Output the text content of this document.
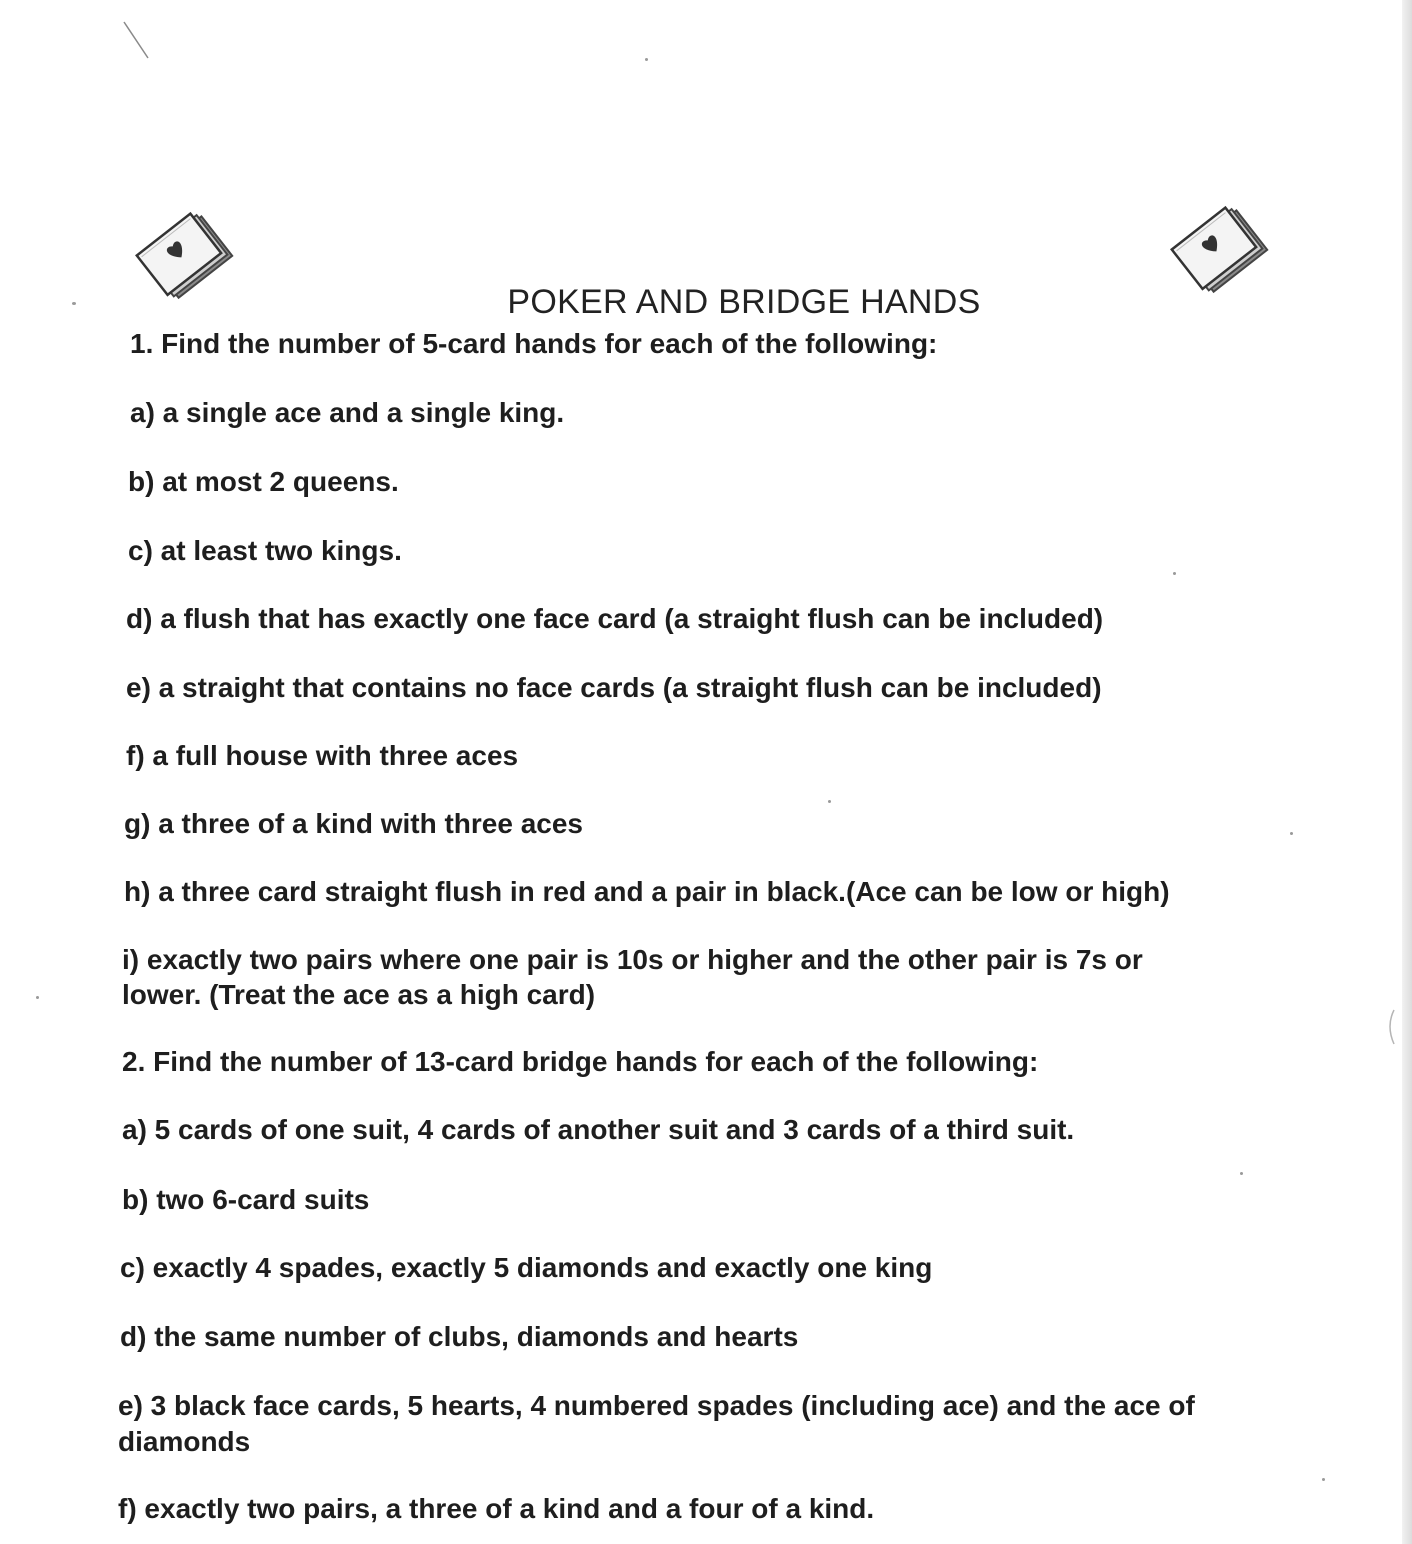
POKER AND BRIDGE HANDS
1. Find the number of 5-card hands for each of the following:
a) a single ace and a single king.
b) at most 2 queens.
c) at least two kings.
d) a flush that has exactly one face card (a straight flush can be included)
e) a straight that contains no face cards (a straight flush can be included)
f) a full house with three aces
g) a three of a kind with three aces
h) a three card straight flush in red and a pair in black.(Ace can be low or high)
i) exactly two pairs where one pair is 10s or higher and the other pair is 7s or
lower. (Treat the ace as a high card)
2. Find the number of 13-card bridge hands for each of the following:
a) 5 cards of one suit, 4 cards of another suit and 3 cards of a third suit.
b) two 6-card suits
c) exactly 4 spades, exactly 5 diamonds and exactly one king
d) the same number of clubs, diamonds and hearts
e) 3 black face cards, 5 hearts, 4 numbered spades (including ace) and the ace of
diamonds
f) exactly two pairs, a three of a kind and a four of a kind.
